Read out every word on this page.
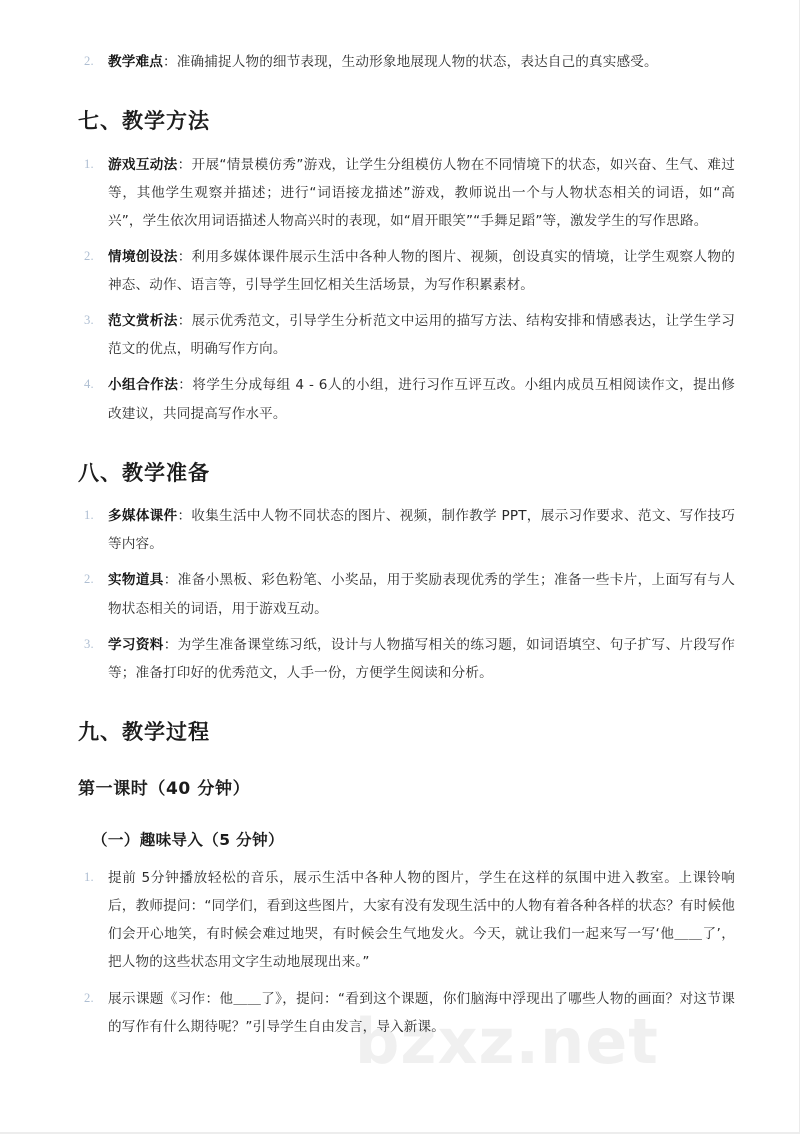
bzxz.net
教学难点：准确捕捉人物的细节表现，生动形象地展现人物的状态，表达自己的真实感受。
七、教学方法
游戏互动法：开展“情景模仿秀”游戏，让学生分组模仿人物在不同情境下的状态，如兴奋、生气、难过等，其他学生观察并描述；进行“词语接龙描述”游戏，教师说出一个与人物状态相关的词语，如“高兴”，学生依次用词语描述人物高兴时的表现，如“眉开眼笑”“手舞足蹈”等，激发学生的写作思路。
情境创设法：利用多媒体课件展示生活中各种人物的图片、视频，创设真实的情境，让学生观察人物的神态、动作、语言等，引导学生回忆相关生活场景，为写作积累素材。
范文赏析法：展示优秀范文，引导学生分析范文中运用的描写方法、结构安排和情感表达，让学生学习范文的优点，明确写作方向。
小组合作法：将学生分成每组 4 - 6人的小组，进行习作互评互改。小组内成员互相阅读作文，提出修改建议，共同提高写作水平。
八、教学准备
多媒体课件：收集生活中人物不同状态的图片、视频，制作教学 PPT，展示习作要求、范文、写作技巧等内容。
实物道具：准备小黑板、彩色粉笔、小奖品，用于奖励表现优秀的学生；准备一些卡片，上面写有与人物状态相关的词语，用于游戏互动。
学习资料：为学生准备课堂练习纸，设计与人物描写相关的练习题，如词语填空、句子扩写、片段写作等；准备打印好的优秀范文，人手一份，方便学生阅读和分析。
九、教学过程
第一课时（40 分钟）
（一）趣味导入（5 分钟）
提前 5分钟播放轻松的音乐，展示生活中各种人物的图片，学生在这样的氛围中进入教室。上课铃响后，教师提问：“同学们，看到这些图片，大家有没有发现生活中的人物有着各种各样的状态？有时候他们会开心地笑，有时候会难过地哭，有时候会生气地发火。今天，就让我们一起来写一写‘他＿＿了’，把人物的这些状态用文字生动地展现出来。”
展示课题《习作：他＿＿了》，提问：“看到这个课题，你们脑海中浮现出了哪些人物的画面？对这节课的写作有什么期待呢？”引导学生自由发言，导入新课。
